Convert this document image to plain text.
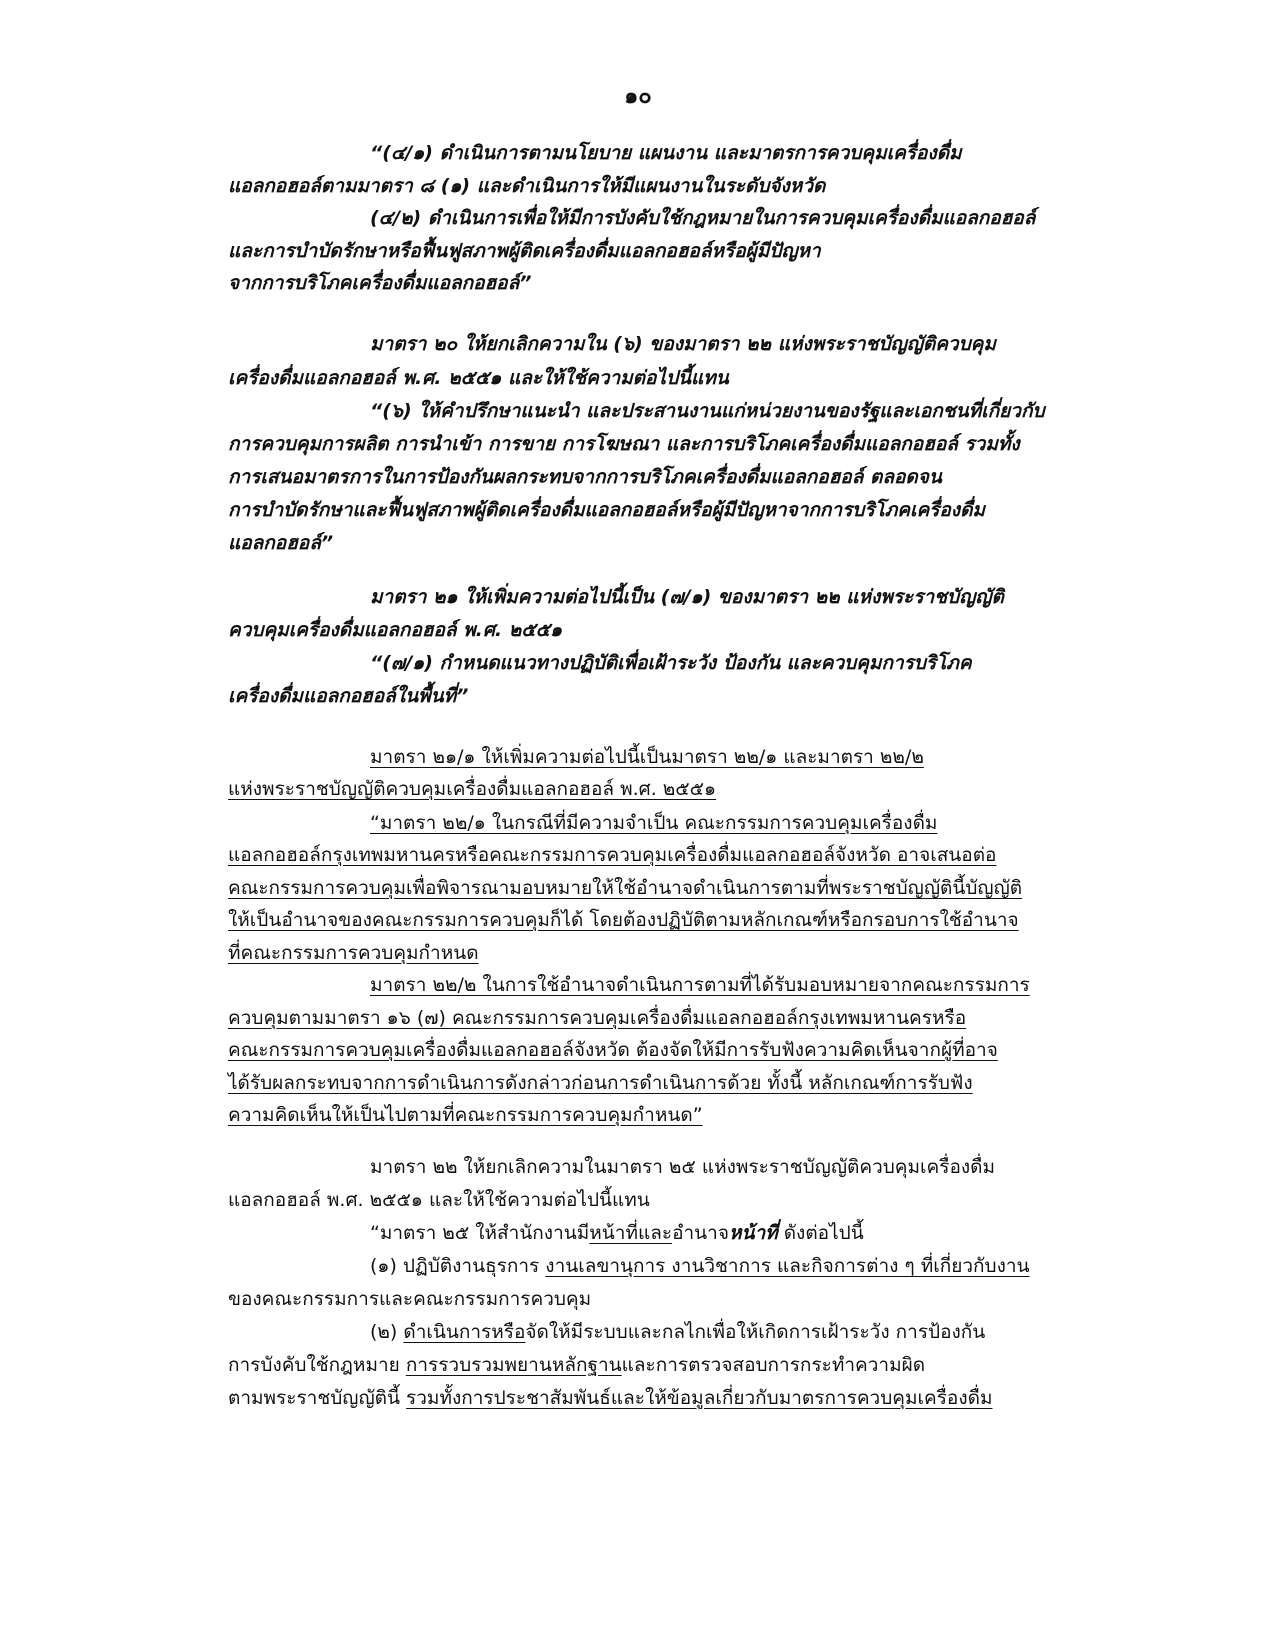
๑๐
“(๔/๑) ดำเนินการตามนโยบาย แผนงาน และมาตรการควบคุมเครื่องดื่ม
แอลกอฮอล์ตามมาตรา ๘ (๑) และดำเนินการให้มีแผนงานในระดับจังหวัด
(๔/๒) ดำเนินการเพื่อให้มีการบังคับใช้กฎหมายในการควบคุมเครื่องดื่มแอลกอฮอล์
และการบำบัดรักษาหรือฟื้นฟูสภาพผู้ติดเครื่องดื่มแอลกอฮอล์หรือผู้มีปัญหา
จากการบริโภคเครื่องดื่มแอลกอฮอล์”
มาตรา ๒๐ ให้ยกเลิกความใน (๖) ของมาตรา ๒๒ แห่งพระราชบัญญัติควบคุม
เครื่องดื่มแอลกอฮอล์ พ.ศ. ๒๕๕๑ และให้ใช้ความต่อไปนี้แทน
“(๖) ให้คำปรึกษาแนะนำ และประสานงานแก่หน่วยงานของรัฐและเอกชนที่เกี่ยวกับ
การควบคุมการผลิต การนำเข้า การขาย การโฆษณา และการบริโภคเครื่องดื่มแอลกอฮอล์ รวมทั้ง
การเสนอมาตรการในการป้องกันผลกระทบจากการบริโภคเครื่องดื่มแอลกอฮอล์ ตลอดจน
การบำบัดรักษาและฟื้นฟูสภาพผู้ติดเครื่องดื่มแอลกอฮอล์หรือผู้มีปัญหาจากการบริโภคเครื่องดื่ม
แอลกอฮอล์”
มาตรา ๒๑ ให้เพิ่มความต่อไปนี้เป็น (๗/๑) ของมาตรา ๒๒ แห่งพระราชบัญญัติ
ควบคุมเครื่องดื่มแอลกอฮอล์ พ.ศ. ๒๕๕๑
“(๗/๑) กำหนดแนวทางปฏิบัติเพื่อเฝ้าระวัง ป้องกัน และควบคุมการบริโภค
เครื่องดื่มแอลกอฮอล์ในพื้นที่”
มาตรา ๒๑/๑ ให้เพิ่มความต่อไปนี้เป็นมาตรา ๒๒/๑ และมาตรา ๒๒/๒
แห่งพระราชบัญญัติควบคุมเครื่องดื่มแอลกอฮอล์ พ.ศ. ๒๕๕๑
“มาตรา ๒๒/๑ ในกรณีที่มีความจำเป็น คณะกรรมการควบคุมเครื่องดื่ม
แอลกอฮอล์กรุงเทพมหานครหรือคณะกรรมการควบคุมเครื่องดื่มแอลกอฮอล์จังหวัด อาจเสนอต่อ
คณะกรรมการควบคุมเพื่อพิจารณามอบหมายให้ใช้อำนาจดำเนินการตามที่พระราชบัญญัตินี้บัญญัติ
ให้เป็นอำนาจของคณะกรรมการควบคุมก็ได้ โดยต้องปฏิบัติตามหลักเกณฑ์หรือกรอบการใช้อำนาจ
ที่คณะกรรมการควบคุมกำหนด
มาตรา ๒๒/๒ ในการใช้อำนาจดำเนินการตามที่ได้รับมอบหมายจากคณะกรรมการ
ควบคุมตามมาตรา ๑๖ (๗) คณะกรรมการควบคุมเครื่องดื่มแอลกอฮอล์กรุงเทพมหานครหรือ
คณะกรรมการควบคุมเครื่องดื่มแอลกอฮอล์จังหวัด ต้องจัดให้มีการรับฟังความคิดเห็นจากผู้ที่อาจ
ได้รับผลกระทบจากการดำเนินการดังกล่าวก่อนการดำเนินการด้วย ทั้งนี้ หลักเกณฑ์การรับฟัง
ความคิดเห็นให้เป็นไปตามที่คณะกรรมการควบคุมกำหนด”
มาตรา ๒๒ ให้ยกเลิกความในมาตรา ๒๕ แห่งพระราชบัญญัติควบคุมเครื่องดื่ม
แอลกอฮอล์ พ.ศ. ๒๕๕๑ และให้ใช้ความต่อไปนี้แทน
“มาตรา ๒๕ ให้สำนักงานมีหน้าที่และอำนาจหน้าที่ ดังต่อไปนี้
(๑) ปฏิบัติงานธุรการ งานเลขานุการ งานวิชาการ และกิจการต่าง ๆ ที่เกี่ยวกับงาน
ของคณะกรรมการและคณะกรรมการควบคุม
(๒) ดำเนินการหรือจัดให้มีระบบและกลไกเพื่อให้เกิดการเฝ้าระวัง การป้องกัน
การบังคับใช้กฎหมาย การรวบรวมพยานหลักฐานและการตรวจสอบการกระทำความผิด
ตามพระราชบัญญัตินี้ รวมทั้งการประชาสัมพันธ์และให้ข้อมูลเกี่ยวกับมาตรการควบคุมเครื่องดื่ม
